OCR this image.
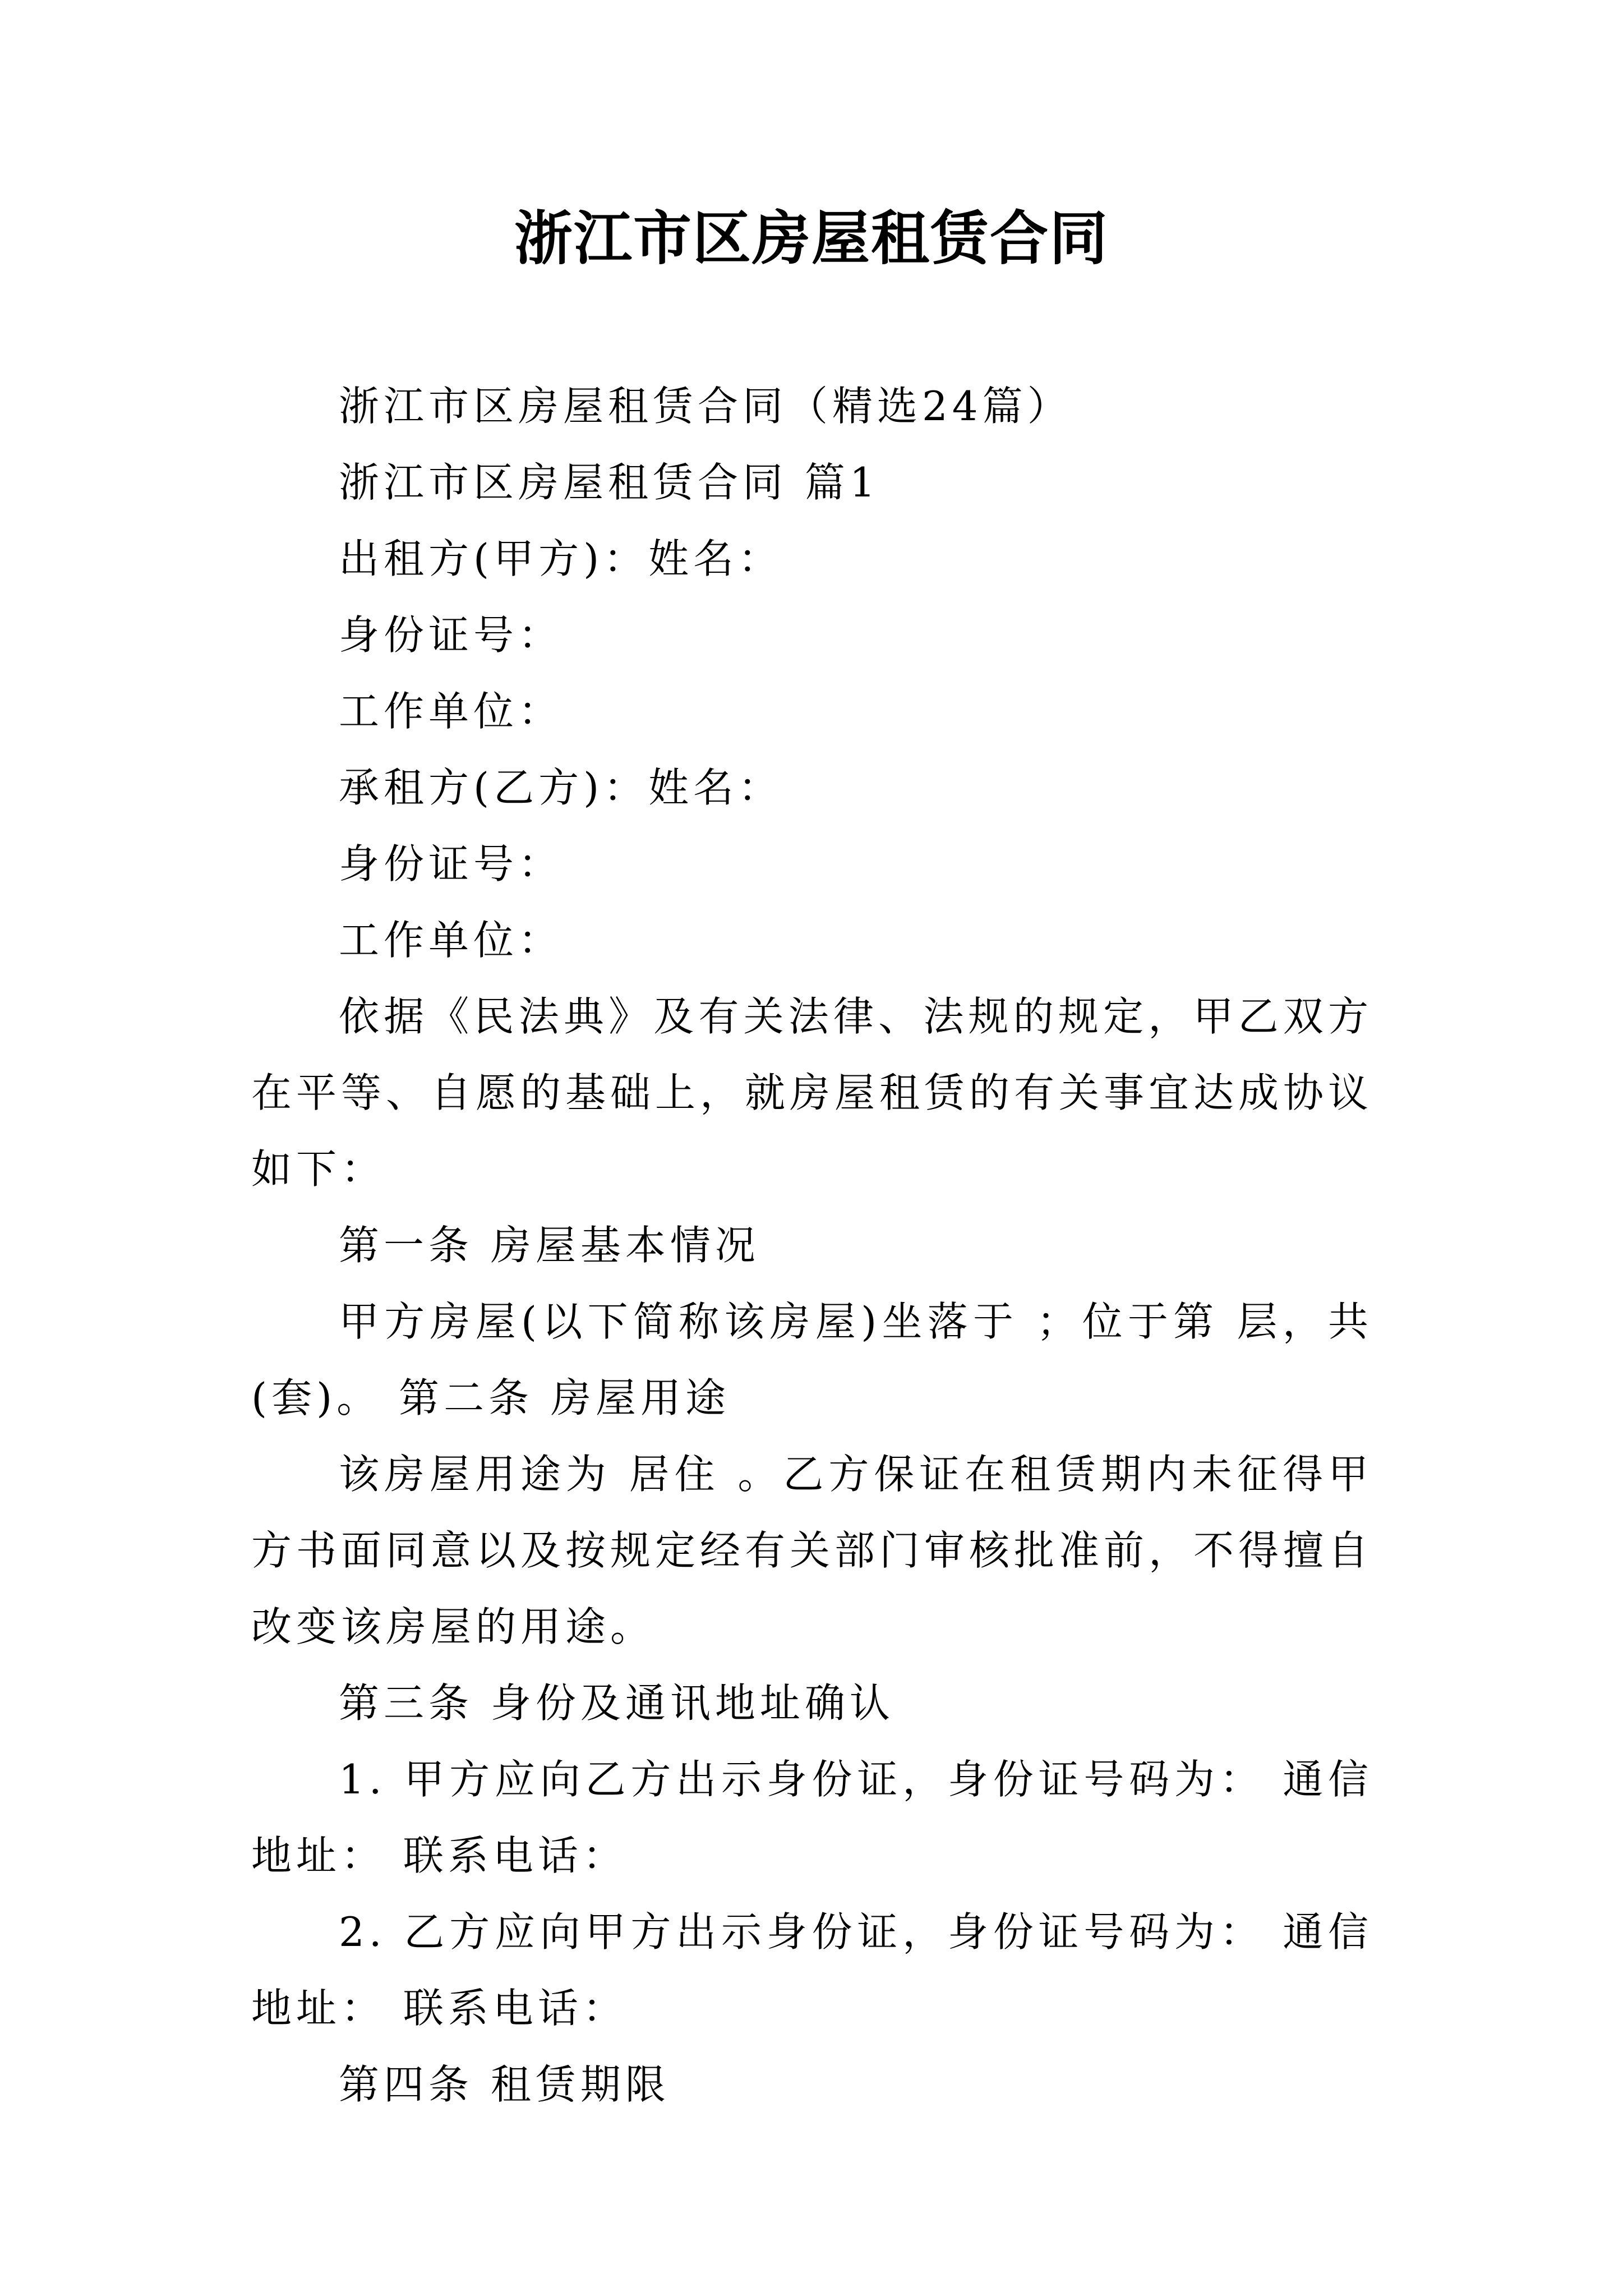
浙江市区房屋租赁合同

浙江市区房屋租赁合同（精选24篇）

浙江市区房屋租赁合同 篇1

出租方(甲方)：姓名：

身份证号：

工作单位：

承租方(乙方)：姓名：

身份证号：

工作单位：

依据《民法典》及有关法律、法规的规定，甲乙双方在平等、自愿的基础上，就房屋租赁的有关事宜达成协议如下：

第一条 房屋基本情况

甲方房屋(以下简称该房屋)坐落于 ；位于第 层，共(套)。 第二条 房屋用途

该房屋用途为 居住 。乙方保证在租赁期内未征得甲方书面同意以及按规定经有关部门审核批准前，不得擅自改变该房屋的用途。

第三条 身份及通讯地址确认

1. 甲方应向乙方出示身份证，身份证号码为： 通信地址： 联系电话：

2. 乙方应向甲方出示身份证，身份证号码为： 通信地址： 联系电话：

第四条 租赁期限
